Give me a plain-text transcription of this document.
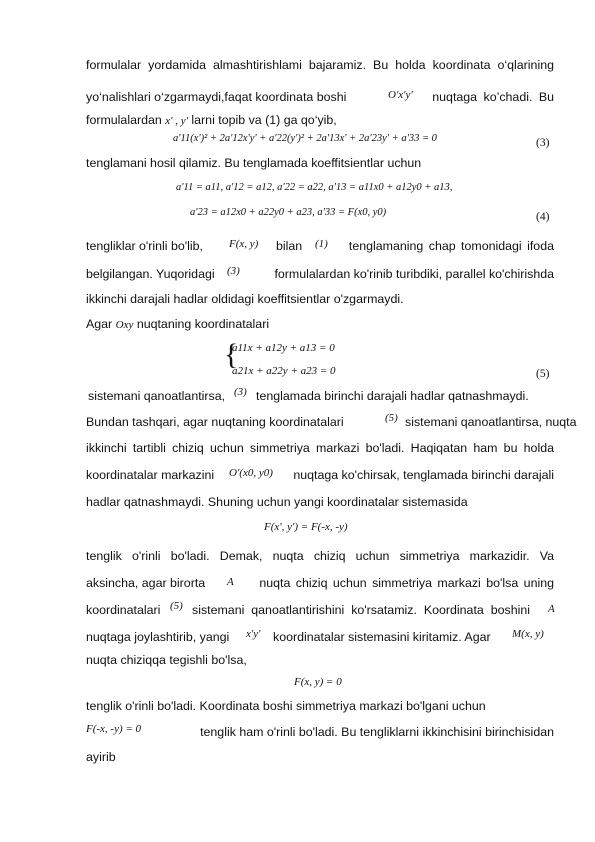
formulalar yordamida almashtirishlami bajaramiz. Bu holda koordinata o‘qlarining
yo‘nalishlari o‘zgarmaydi,faqat koordinata boshi	O'x'y'	nuqtaga ko’chadi. Bu
formulalardan x' , y' larni topib va (1) ga qo‘yib,
a'11(x')² + 2a'12x'y' + a'22(y')² + 2a'13x' + 2a'23y' + a'33 = 0	(3)
tenglamani hosil qilamiz. Bu tenglamada koeffitsientlar uchun
a'11 = a11, a'12 = a12, a'22 = a22, a'13 = a11x0 + a12y0 + a13,
a'23 = a12x0 + a22y0 + a23, a'33 = F(x0, y0)	(4)
tengliklar o'rinli bo'lib, F(x, y) bilan (1)	tenglamaning chap tomonidagi ifoda
belgilangan. Yuqoridagi (3)	formulalardan ko'rinib turibdiki, parallel ko'chirishda
ikkinchi darajali hadlar oldidagi koeffitsientlar o'zgarmaydi.
Agar Oxy nuqtaning koordinatalari
{
a11x + a12y + a13 = 0
a21x + a22y + a23 = 0	(5)
sistemani qanoatlantirsa, (3) tenglamada birinchi darajali hadlar qatnashmaydi.
Bundan tashqari, agar nuqtaning koordinatalari	(5) sistemani qanoatlantirsa, nuqta
ikkinchi tartibli chiziq uchun simmetriya markazi bo'ladi. Haqiqatan ham bu holda
koordinatalar markazini O'(x0, y0)	nuqtaga ko'chirsak, tenglamada birinchi darajali
hadlar qatnashmaydi. Shuning uchun yangi koordinatalar sistemasida
F(x', y') = F(-x, -y)
tenglik o'rinli bo'ladi. Demak, nuqta chiziq uchun simmetriya markazidir. Va
aksincha, agar birorta A	nuqta chiziq uchun simmetriya markazi bo'lsa uning
koordinatalari (5) sistemani qanoatlantirishini ko'rsatamiz. Koordinata boshini A
nuqtaga joylashtirib, yangi x'y' koordinatalar sistemasini kiritamiz. Agar M(x, y)
nuqta chiziqqa tegishli bo'lsa,
F(x, y) = 0
tenglik o'rinli bo'ladi. Koordinata boshi simmetriya markazi bo'lgani uchun
F(-x, -y) = 0	tenglik ham o'rinli bo'ladi. Bu tengliklarni ikkinchisini birinchisidan
ayirib
